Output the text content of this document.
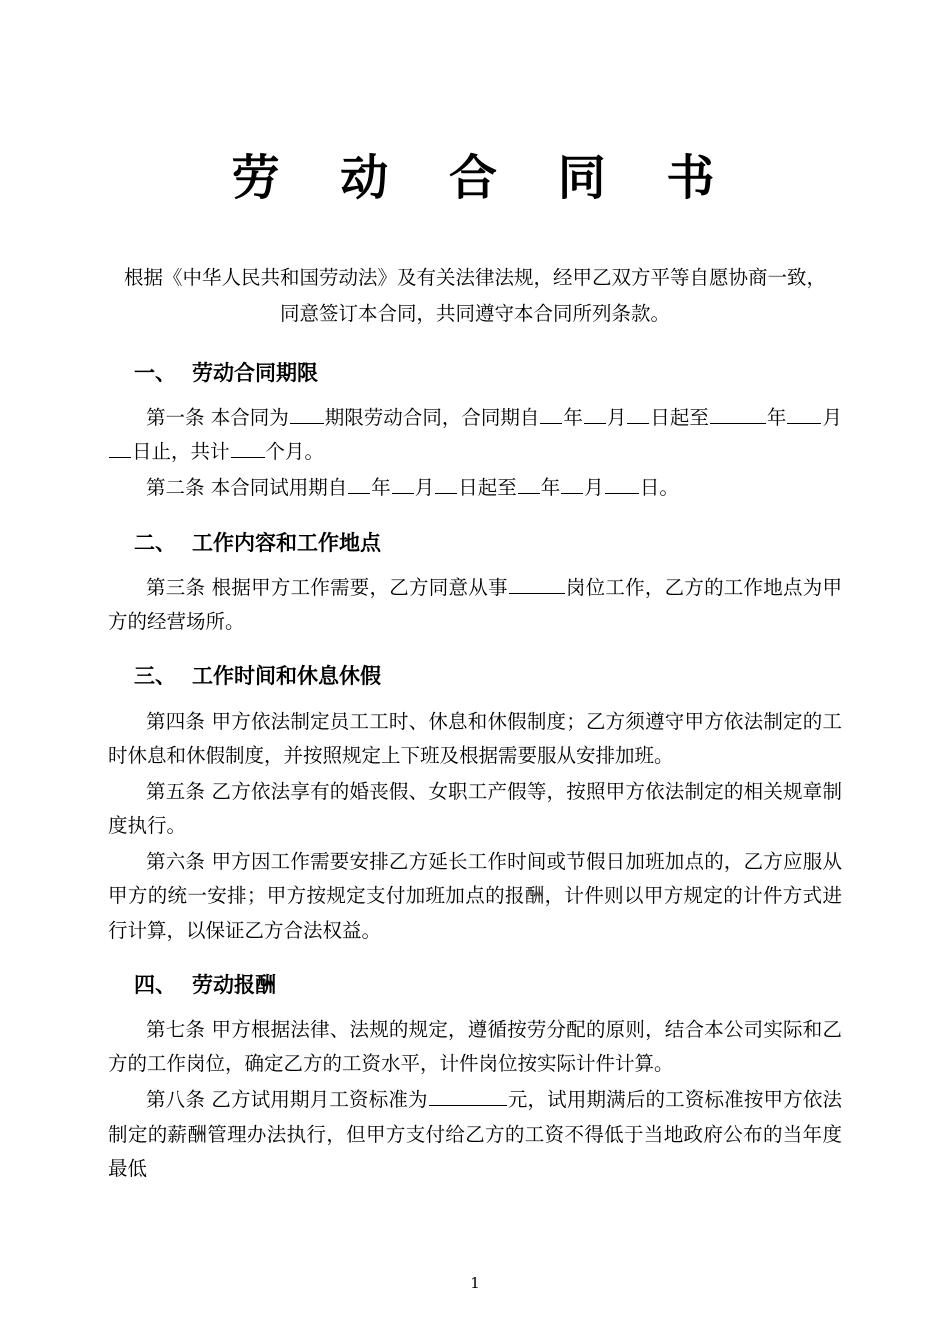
劳 动 合 同 书
根据《中华人民共和国劳动法》及有关法律法规，经甲乙双方平等自愿协商一致，
同意签订本合同，共同遵守本合同所列条款。
一、 劳动合同期限

第一条 本合同为 期限劳动合同，合同期自 年 月 日起至	年 月日止，共计 个月。

第二条 本合同试用期自 年 月 日起至 年 月 日。

二、 工作内容和工作地点

第三条 根据甲方工作需要，乙方同意从事	岗位工作，乙方的工作地点为甲方的经营场所。

三、 工作时间和休息休假

第四条 甲方依法制定员工工时、休息和休假制度；乙方须遵守甲方依法制定的工时休息和休假制度，并按照规定上下班及根据需要服从安排加班。

第五条 乙方依法享有的婚丧假、女职工产假等，按照甲方依法制定的相关规章制度执行。

第六条 甲方因工作需要安排乙方延长工作时间或节假日加班加点的，乙方应服从甲方的统一安排；甲方按规定支付加班加点的报酬，计件则以甲方规定的计件方式进行计算，以保证乙方合法权益。

四、 劳动报酬

第七条 甲方根据法律、法规的规定，遵循按劳分配的原则，结合本公司实际和乙方的工作岗位，确定乙方的工资水平，计件岗位按实际计件计算。

第八条 乙方试用期月工资标准为	元，试用期满后的工资标准按甲方依法制定的薪酬管理办法执行，但甲方支付给乙方的工资不得低于当地政府公布的当年度最低

1
